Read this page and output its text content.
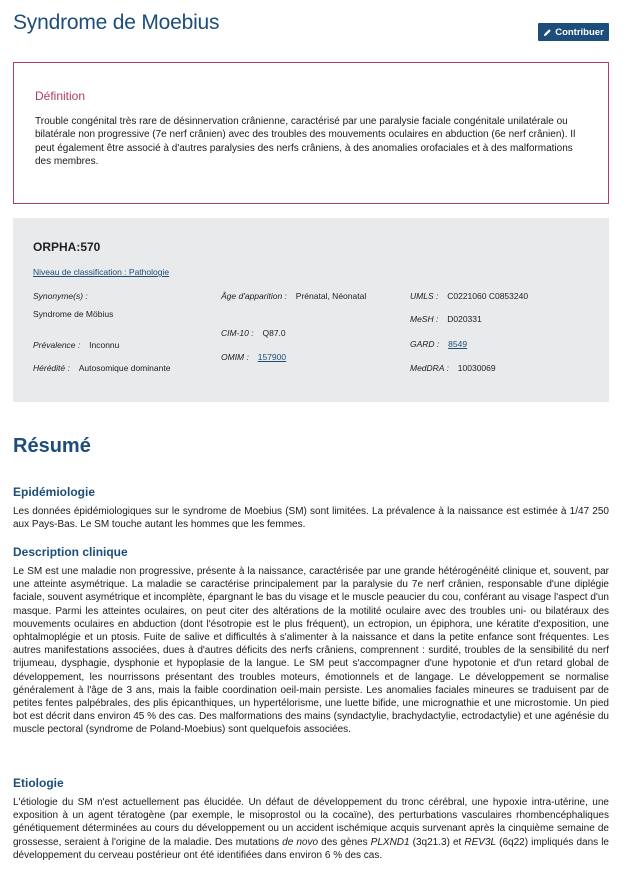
Syndrome de Moebius	Contribuer
Définition

Trouble congénital très rare de désinnervation crânienne, caractérisé par une paralysie faciale congénitale unilatérale ou bilatérale non progressive (7e nerf crânien) avec des troubles des mouvements oculaires en abduction (6e nerf crânien). Il peut également être associé à d'autres paralysies des nerfs crâniens, à des anomalies orofaciales et à des malformations des membres.

ORPHA:570
Niveau de classification : Pathologie
Synonyme(s) :
Syndrome de Möbius
Prévalence : Inconnu
Hérédité : Autosomique dominante
Âge d'apparition : Prénatal, Néonatal
CIM-10 : Q87.0
OMIM : 157900
UMLS : C0221060 C0853240
MeSH : D020331
GARD : 8549
MedDRA : 10030069
Résumé
Epidémiologie

Les données épidémiologiques sur le syndrome de Moebius (SM) sont limitées. La prévalence à la naissance est estimée à 1/47 250 aux Pays-Bas. Le SM touche autant les hommes que les femmes.

Description clinique

Le SM est une maladie non progressive, présente à la naissance, caractérisée par une grande hétérogénéité clinique et, souvent, par une atteinte asymétrique. La maladie se caractérise principalement par la paralysie du 7e nerf crânien, responsable d'une diplégie faciale, souvent asymétrique et incomplète, épargnant le bas du visage et le muscle peaucier du cou, conférant au visage l'aspect d'un masque. Parmi les atteintes oculaires, on peut citer des altérations de la motilité oculaire avec des troubles uni- ou bilatéraux des mouvements oculaires en abduction (dont l'ésotropie est le plus fréquent), un ectropion, un épiphora, une kératite d'exposition, une ophtalmoplégie et un ptosis. Fuite de salive et difficultés à s'alimenter à la naissance et dans la petite enfance sont fréquentes. Les autres manifestations associées, dues à d'autres déficits des nerfs crâniens, comprennent : surdité, troubles de la sensibilité du nerf trijumeau, dysphagie, dysphonie et hypoplasie de la langue. Le SM peut s'accompagner d'une hypotonie et d'un retard global de développement, les nourrissons présentant des troubles moteurs, émotionnels et de langage. Le développement se normalise généralement à l'âge de 3 ans, mais la faible coordination oeil-main persiste. Les anomalies faciales mineures se traduisent par de petites fentes palpébrales, des plis épicanthiques, un hypertélorisme, une luette bifide, une micrognathie et une microstomie. Un pied bot est décrit dans environ 45 % des cas. Des malformations des mains (syndactylie, brachydactylie, ectrodactylie) et une agénésie du muscle pectoral (syndrome de Poland-Moebius) sont quelquefois associées.

Etiologie

L'étiologie du SM n'est actuellement pas élucidée. Un défaut de développement du tronc cérébral, une hypoxie intra-utérine, une exposition à un agent tératogène (par exemple, le misoprostol ou la cocaïne), des perturbations vasculaires rhombencéphaliques génétiquement déterminées au cours du développement ou un accident ischémique acquis survenant après la cinquième semaine de grossesse, seraient à l'origine de la maladie. Des mutations de novo des gènes PLXND1 (3q21.3) et REV3L (6q22) impliqués dans le développement du cerveau postérieur ont été identifiées dans environ 6 % des cas.
